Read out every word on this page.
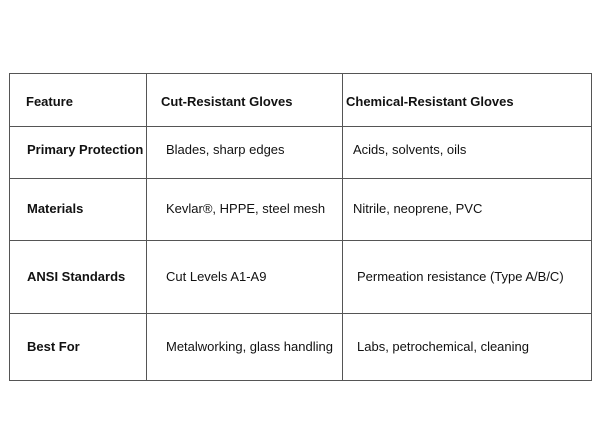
Feature	Cut-Resistant Gloves	Chemical-Resistant Gloves

Primary Protection	Blades, sharp edges	Acids, solvents, oils

Materials	Kevlar®, HPPE, steel mesh	Nitrile, neoprene, PVC

ANSI Standards	Cut Levels A1-A9	Permeation resistance (Type A/B/C)

Best For	Metalworking, glass handling	Labs, petrochemical, cleaning
